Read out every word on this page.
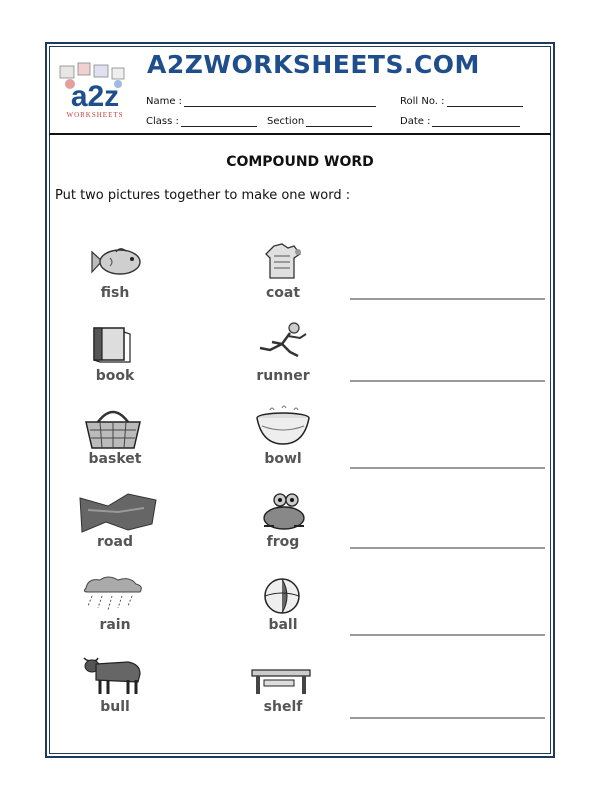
a2z
WORKSHEETS
A2ZWORKSHEETS.COM
Name :	Roll No. :
Class :	Section	Date :
COMPOUND WORD
Put two pictures together to make one word :
fish	coat
book	runner
basket	bowl
road	frog
rain	ball
bull	shelf
